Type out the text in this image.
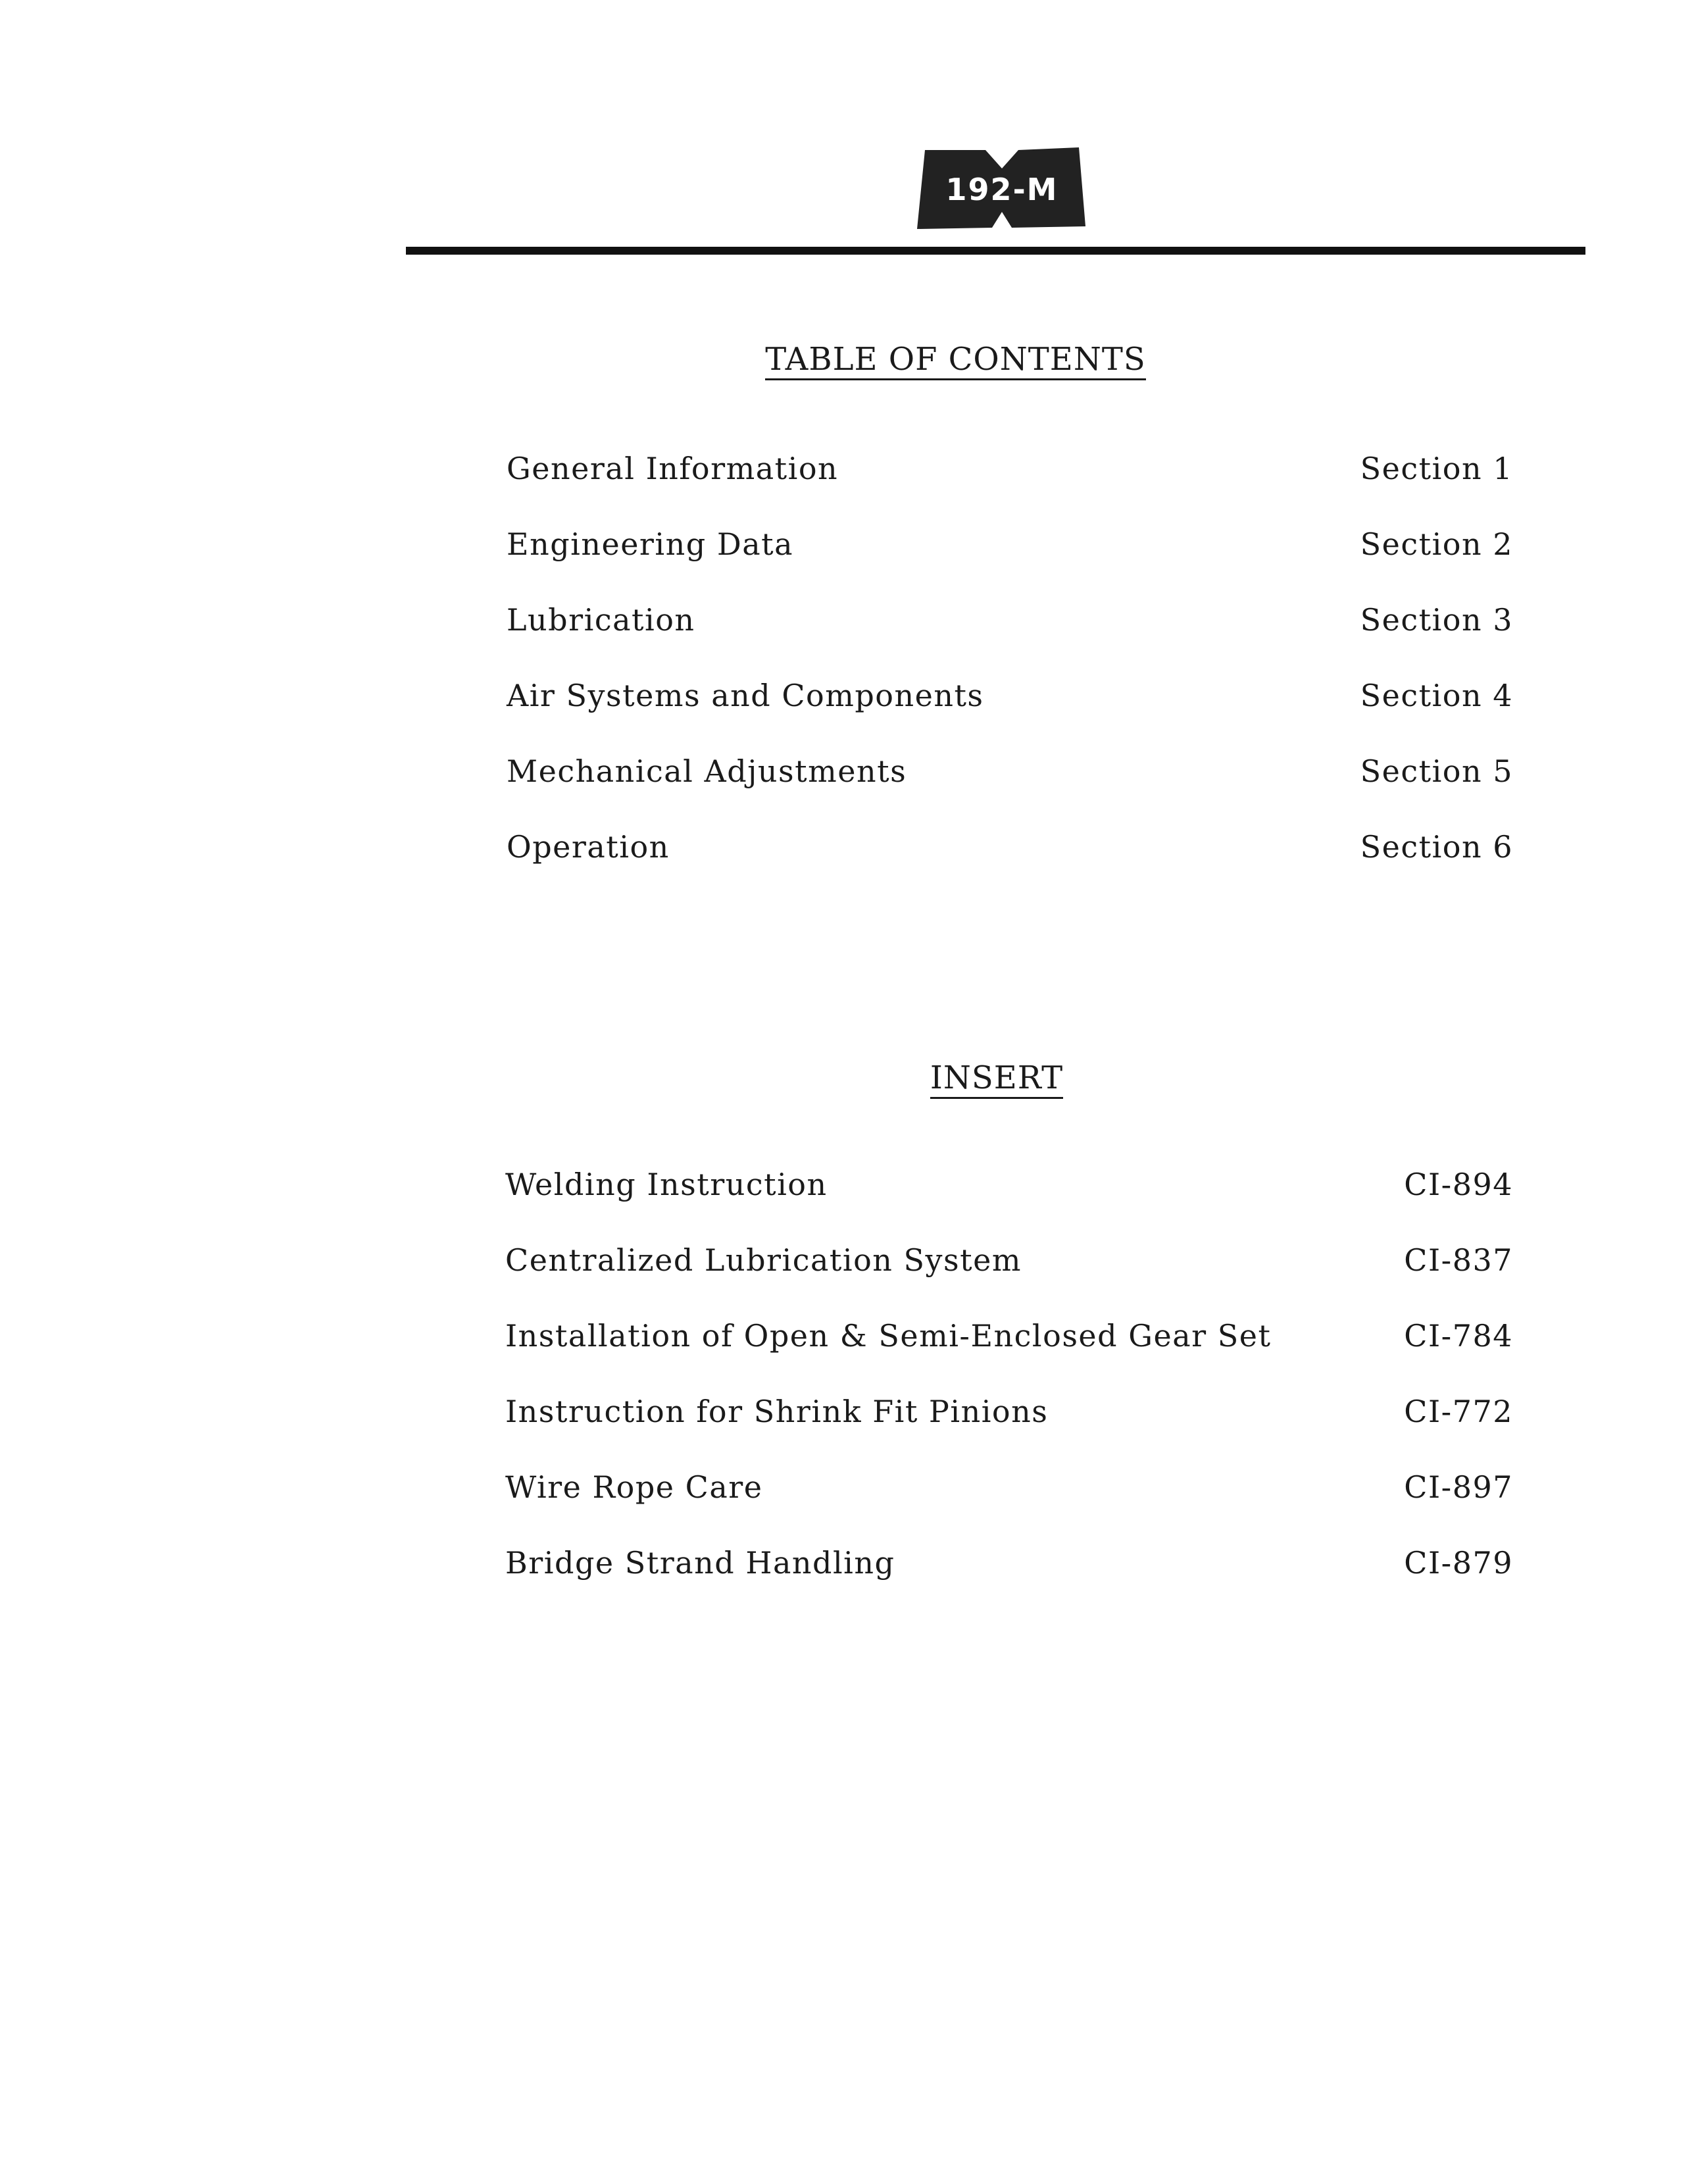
192-M
TABLE OF CONTENTS
General Information	Section 1
Engineering Data	Section 2
Lubrication	Section 3
Air Systems and Components	Section 4
Mechanical Adjustments	Section 5
Operation	Section 6
INSERT
Welding Instruction	CI-894
Centralized Lubrication System	CI-837
Installation of Open & Semi-Enclosed Gear Set	CI-784
Instruction for Shrink Fit Pinions	CI-772
Wire Rope Care	CI-897
Bridge Strand Handling	CI-879
